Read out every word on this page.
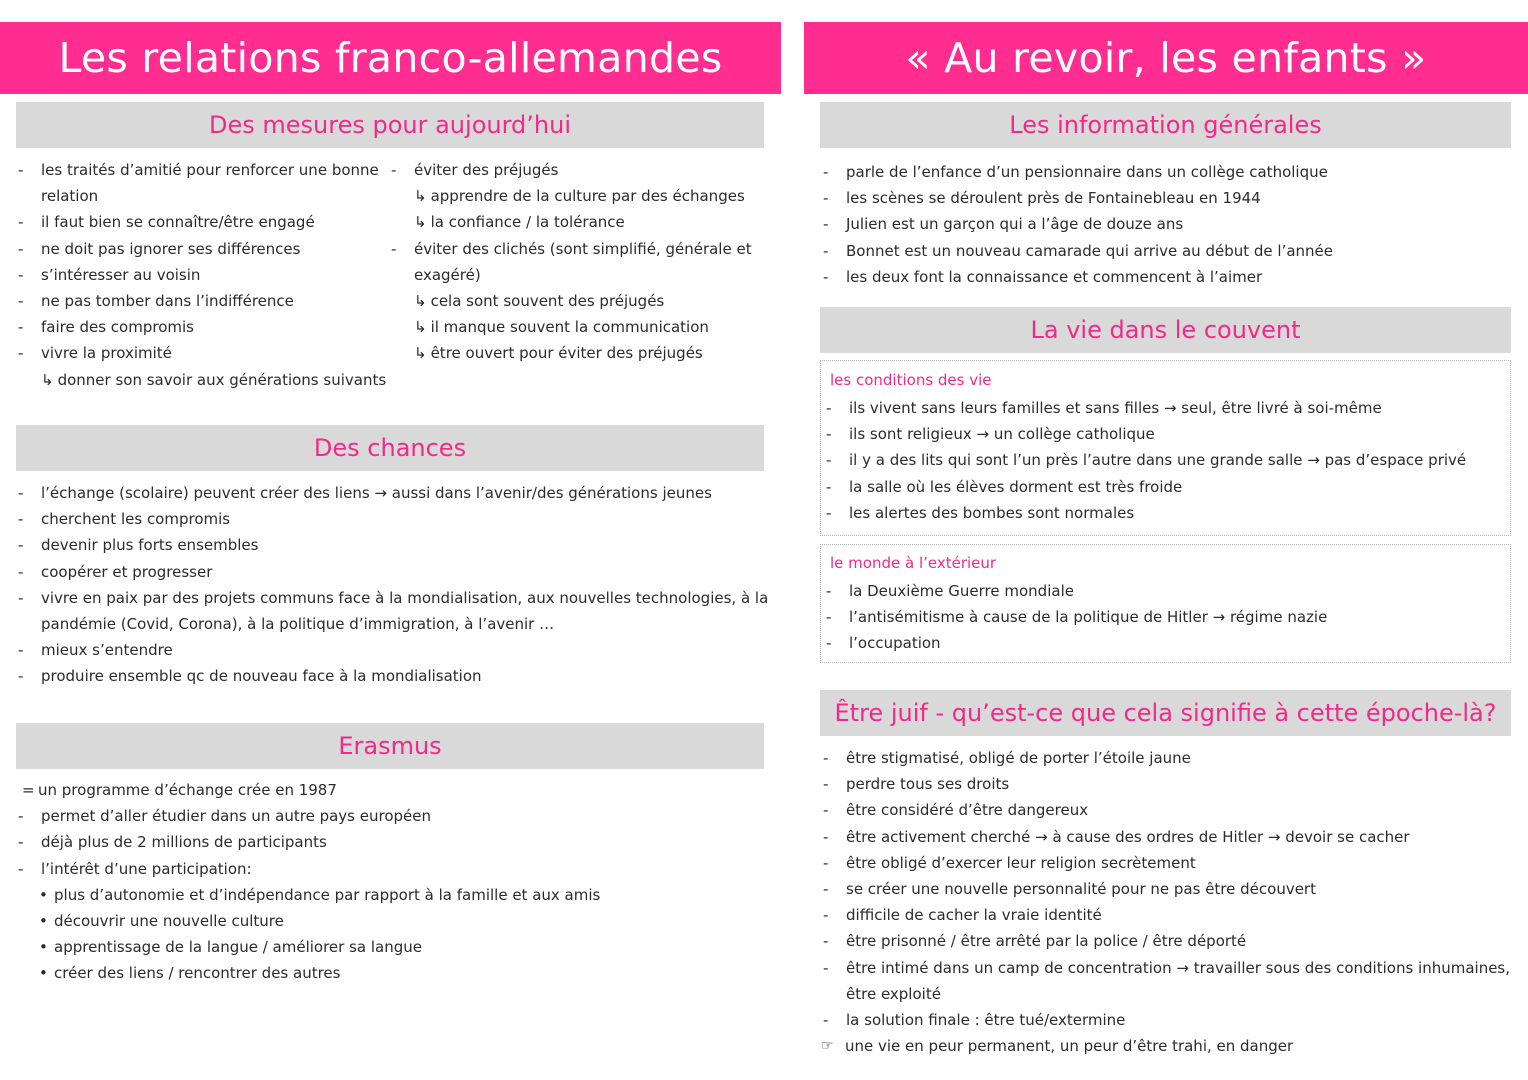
Les relations franco-allemandes
Des mesures pour aujourd’hui
- les traités d’amitié pour renforcer une bonne
relation
- il faut bien se connaître/être engagé
- ne doit pas ignorer ses différences
- s’intéresser au voisin
- ne pas tomber dans l’indifférence
- faire des compromis
- vivre la proximité
↳ donner son savoir aux générations suivants
- éviter des préjugés
↳ apprendre de la culture par des échanges
↳ la confiance / la tolérance
- éviter des clichés (sont simplifié, générale et
exagéré)
↳ cela sont souvent des préjugés
↳ il manque souvent la communication
↳ être ouvert pour éviter des préjugés
Des chances
- l’échange (scolaire) peuvent créer des liens → aussi dans l’avenir/des générations jeunes
- cherchent les compromis
- devenir plus forts ensembles
- coopérer et progresser
- vivre en paix par des projets communs face à la mondialisation, aux nouvelles technologies, à la
pandémie (Covid, Corona), à la politique d’immigration, à l’avenir …
- mieux s’entendre
- produire ensemble qc de nouveau face à la mondialisation
Erasmus
= un programme d’échange crée en 1987
- permet d’aller étudier dans un autre pays européen
- déjà plus de 2 millions de participants
- l’intérêt d’une participation:
• plus d’autonomie et d’indépendance par rapport à la famille et aux amis
• découvrir une nouvelle culture
• apprentissage de la langue / améliorer sa langue
• créer des liens / rencontrer des autres
« Au revoir, les enfants »
Les information générales
- parle de l’enfance d’un pensionnaire dans un collège catholique
- les scènes se déroulent près de Fontainebleau en 1944
- Julien est un garçon qui a l’âge de douze ans
- Bonnet est un nouveau camarade qui arrive au début de l’année
- les deux font la connaissance et commencent à l’aimer
La vie dans le couvent
les conditions des vie
- ils vivent sans leurs familles et sans filles → seul, être livré à soi-même
- ils sont religieux → un collège catholique
- il y a des lits qui sont l’un près l’autre dans une grande salle → pas d’espace privé
- la salle où les élèves dorment est très froide
- les alertes des bombes sont normales
le monde à l’extérieur
- la Deuxième Guerre mondiale
- l’antisémitisme à cause de la politique de Hitler → régime nazie
- l’occupation
Être juif - qu’est-ce que cela signifie à cette époche-là?
- être stigmatisé, obligé de porter l’étoile jaune
- perdre tous ses droits
- être considéré d’être dangereux
- être activement cherché → à cause des ordres de Hitler → devoir se cacher
- être obligé d’exercer leur religion secrètement
- se créer une nouvelle personnalité pour ne pas être découvert
- difficile de cacher la vraie identité
- être prisonné / être arrêté par la police / être déporté
- être intimé dans un camp de concentration → travailler sous des conditions inhumaines,
être exploité
- la solution finale : être tué/extermine
☞ une vie en peur permanent, un peur d’être trahi, en danger
